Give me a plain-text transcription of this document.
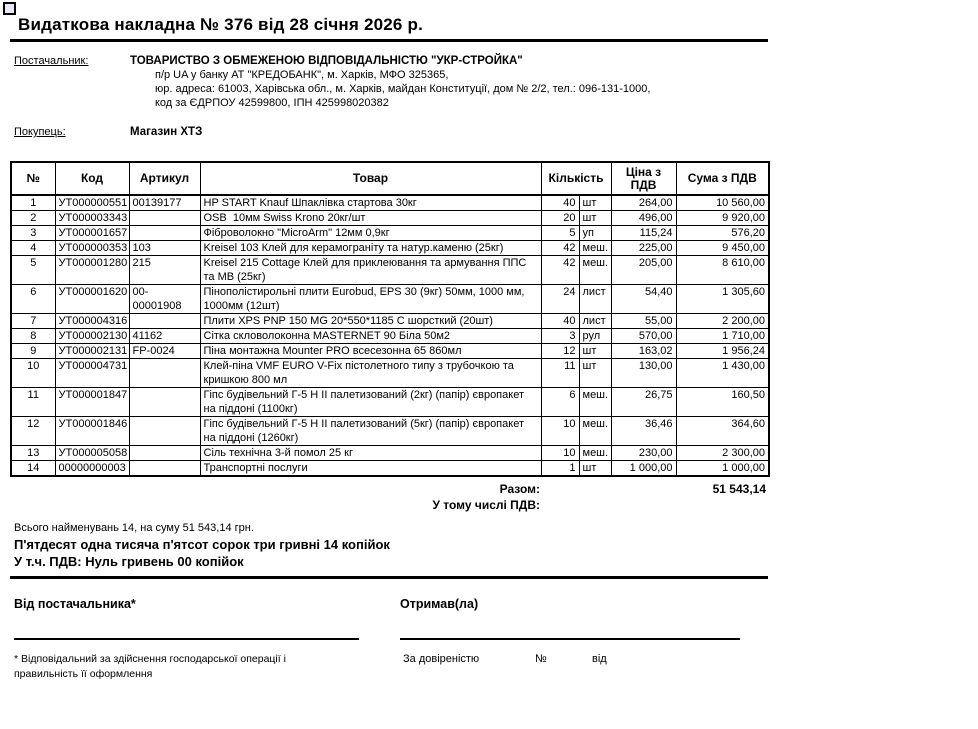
Видаткова накладна № 376 від 28 січня 2026 р.
Постачальник:	ТОВАРИСТВО З ОБМЕЖЕНОЮ ВІДПОВІДАЛЬНІСТЮ "УКР-СТРОЙКА"
п/р UA у банку АТ "КРЕДОБАНК", м. Харків, МФО 325365,
юр. адреса: 61003, Харівська обл., м. Харків, майдан Конституції, дом № 2/2, тел.: 096-131-1000,
код за ЄДРПОУ 42599800, ІПН 425998020382
Покупець:	Магазин ХТЗ
№	Код	Артикул	Товар	Кількість		Ціна з ПДВ	Сума з ПДВ
1	УТ000000551	00139177	HP START Knauf Шпаклівка стартова 30кг	40	шт	264,00	10 560,00
2	УТ000003343		OSB  10мм Swiss Krono 20кг/шт	20	шт	496,00	9 920,00
3	УТ000001657		Фіброволокно "MicroArm" 12мм 0,9кг	5	уп	115,24	576,20
4	УТ000000353	103	Kreisel 103 Клей для керамограніту та натур.каменю (25кг)	42	меш.	225,00	9 450,00
5	УТ000001280	215	Kreisel 215 Cottage Клей для приклеювання та армування ППС та МВ (25кг)	42	меш.	205,00	8 610,00
6	УТ000001620	00-00001908	Пінополістирольні плити Eurobud, EPS 30 (9кг) 50мм, 1000 мм, 1000мм (12шт)	24	лист	54,40	1 305,60
7	УТ000004316		Плити XPS PNP 150 MG 20*550*1185 С шорсткий (20шт)	40	лист	55,00	2 200,00
8	УТ000002130	41162	Сітка скловолоконна MASTERNET 90 Біла 50м2	3	рул	570,00	1 710,00
9	УТ000002131	FP-0024	Піна монтажна Mounter PRO всесезонна 65 860мл	12	шт	163,02	1 956,24
10	УТ000004731		Клей-піна VMF EURO V-Fix пістолетного типу з трубочкою та кришкою 800 мл	11	шт	130,00	1 430,00
11	УТ000001847		Гіпс будівельний Г-5 Н ІІ палетизований (2кг) (папір) європакет на піддоні (1100кг)	6	меш.	26,75	160,50
12	УТ000001846		Гіпс будівельний Г-5 Н ІІ палетизований (5кг) (папір) європакет на піддоні (1260кг)	10	меш.	36,46	364,60
13	УТ000005058		Сіль технічна 3-й помол 25 кг	10	меш.	230,00	2 300,00
14	00000000003		Транспортні послуги	1	шт	1 000,00	1 000,00
Разом:	51 543,14
У тому числі ПДВ:
Всього найменувань 14, на суму 51 543,14 грн.
П'ятдесят одна тисяча п'ятсот сорок три гривні 14 копійок
У т.ч. ПДВ: Нуль гривень 00 копійок
Від постачальника*
* Відповідальний за здійснення господарської операції і правильність її оформлення
Отримав(ла)
За довіреністю	№	від
